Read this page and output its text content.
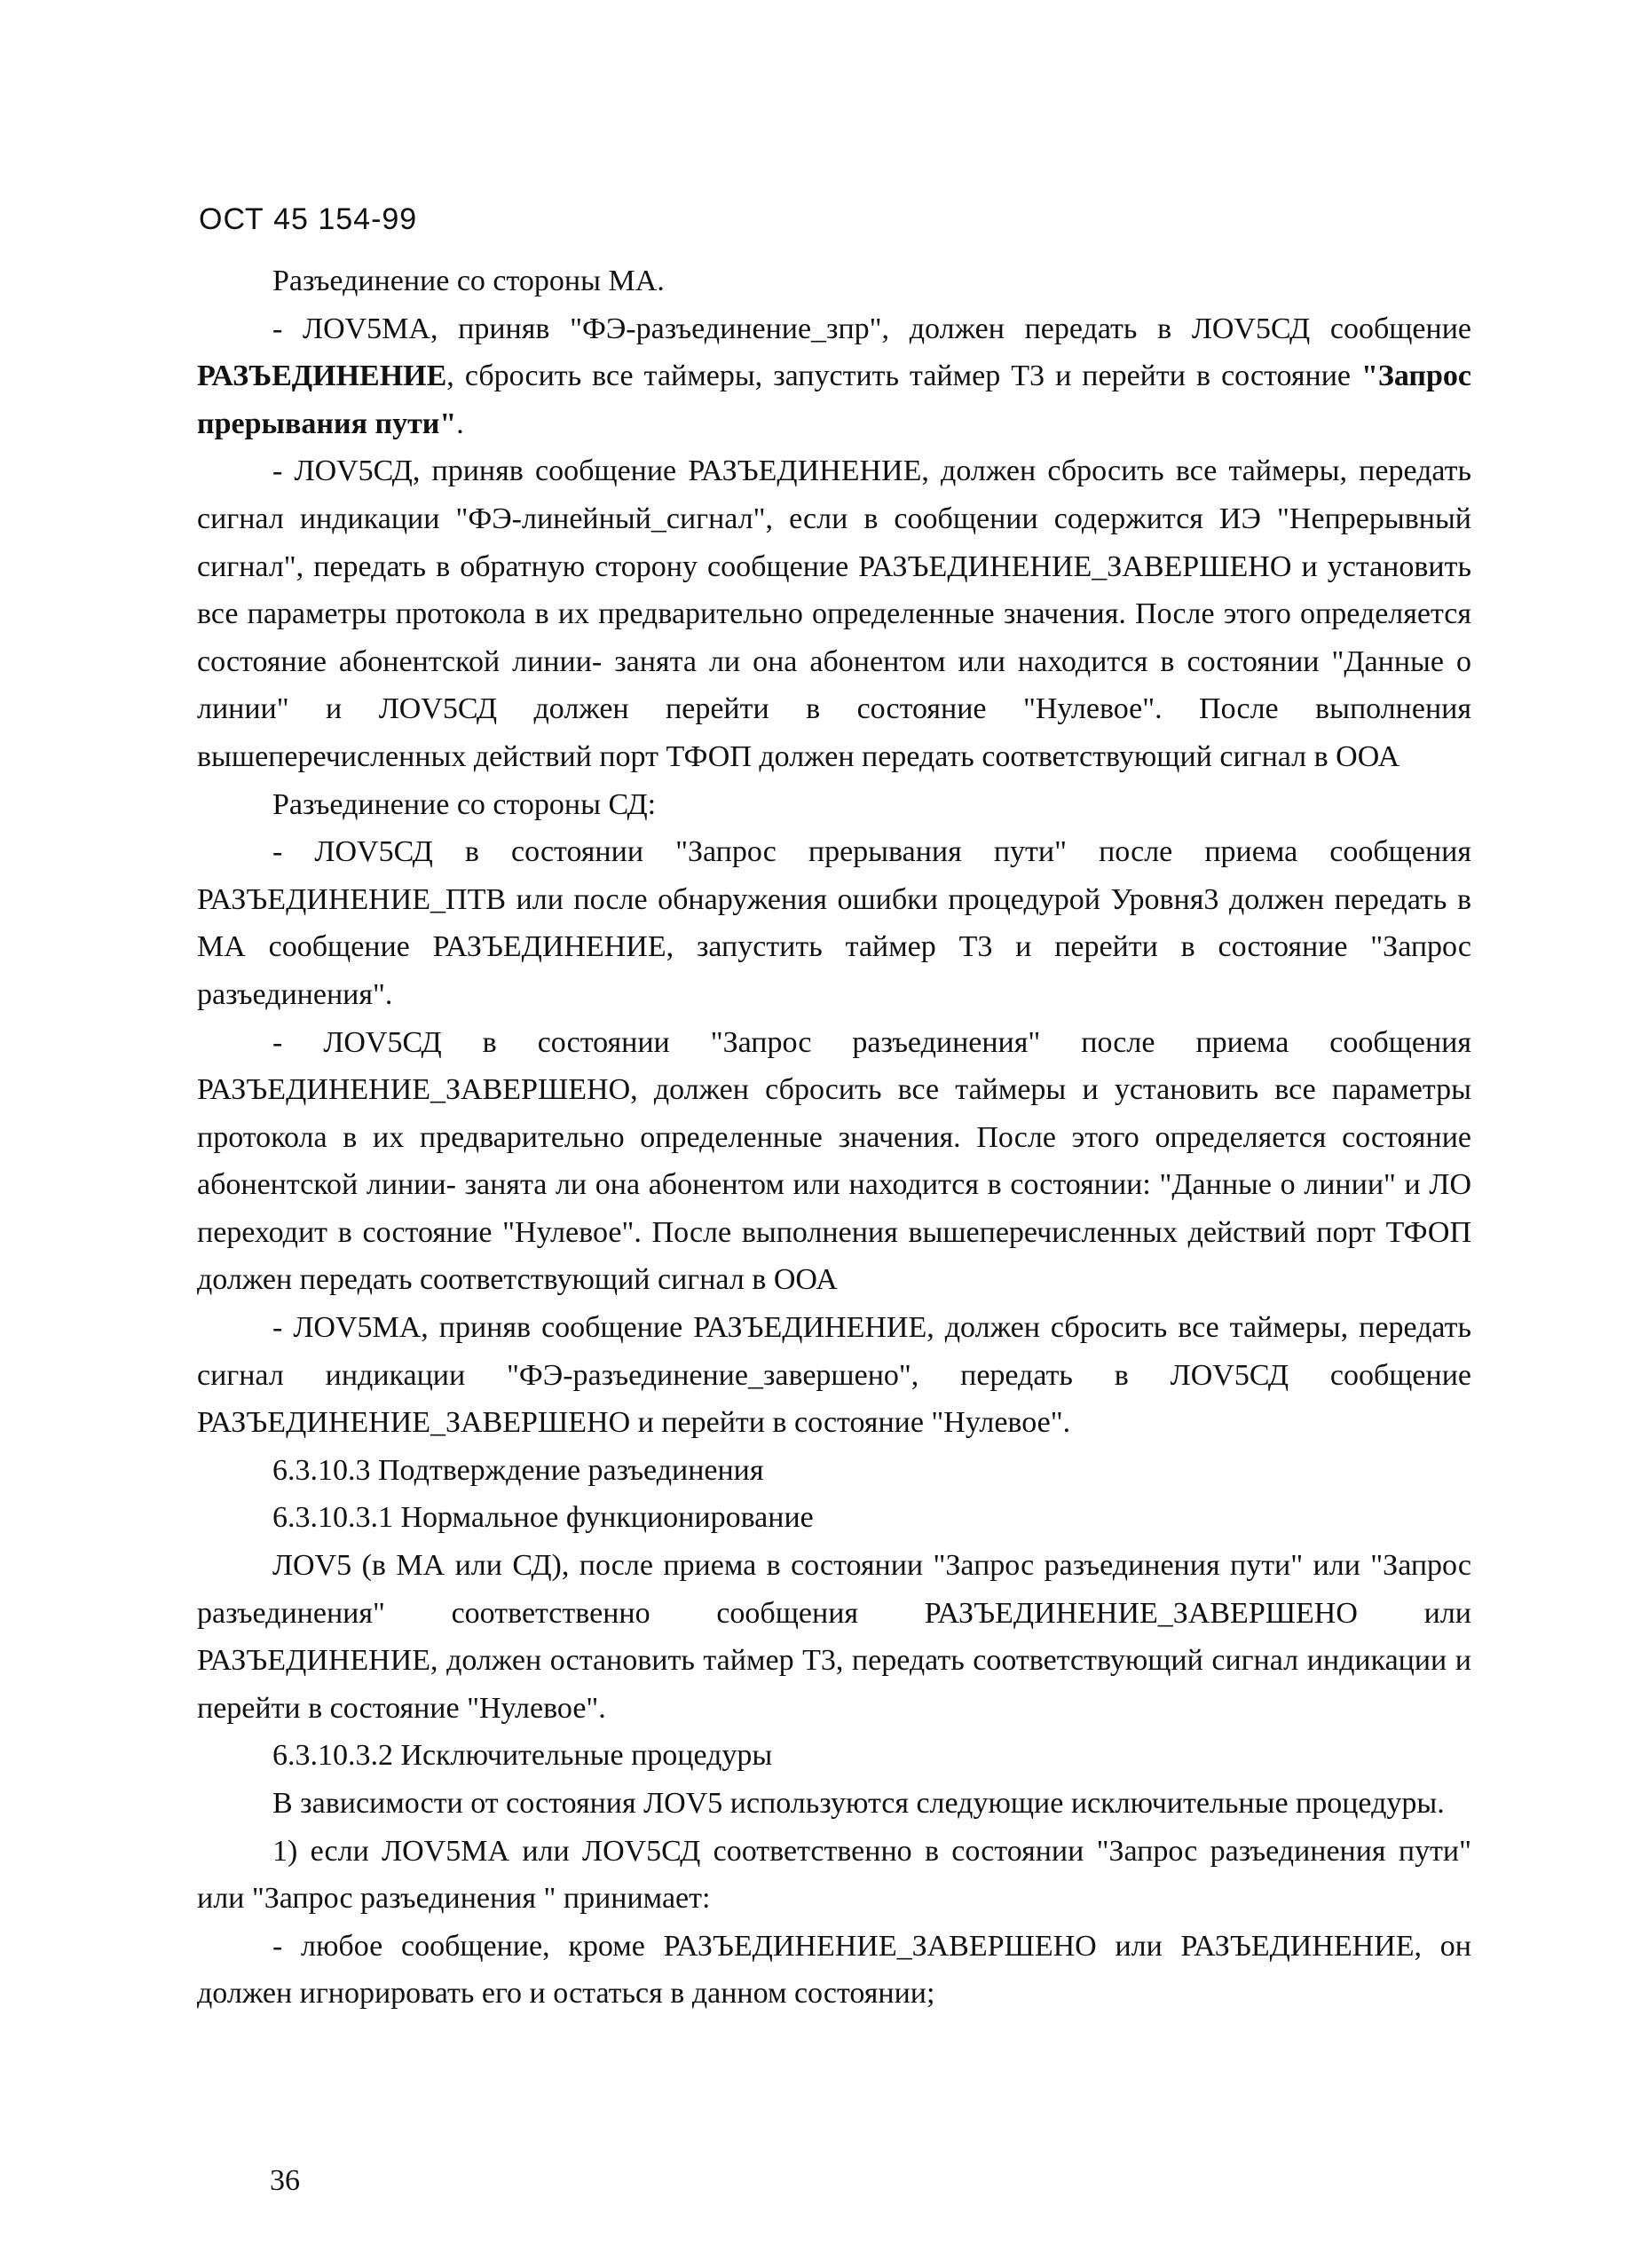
ОСТ 45 154-99

Разъединение со стороны МА.

- ЛОV5МА, приняв "ФЭ-разъединение_зпр", должен передать в ЛОV5СД сообщение РАЗЪЕДИНЕНИЕ, сбросить все таймеры, запустить таймер Т3 и перейти в состояние "Запрос прерывания пути".

- ЛОV5СД, приняв сообщение РАЗЪЕДИНЕНИЕ, должен сбросить все таймеры, передать сигнал индикации "ФЭ-линейный_сигнал", если в сообщении содержится ИЭ "Непрерывный сигнал", передать в обратную сторону сообщение РАЗЪЕДИНЕНИЕ_ЗАВЕРШЕНО и установить все параметры протокола в их предварительно определенные значения. После этого определяется состояние абонентской линии- занята ли она абонентом или находится в состоянии "Данные о линии" и ЛОV5СД должен перейти в состояние "Нулевое". После выполнения вышеперечисленных действий порт ТФОП должен передать соответствующий сигнал в ООА

Разъединение со стороны СД:

- ЛОV5СД в состоянии "Запрос прерывания пути" после приема сообщения РАЗЪЕДИНЕНИЕ_ПТВ или после обнаружения ошибки процедурой Уровня3 должен передать в МА сообщение РАЗЪЕДИНЕНИЕ, запустить таймер Т3 и перейти в состояние "Запрос разъединения".

- ЛОV5СД в состоянии "Запрос разъединения" после приема сообщения РАЗЪЕДИНЕНИЕ_ЗАВЕРШЕНО, должен сбросить все таймеры и установить все параметры протокола в их предварительно определенные значения. После этого определяется состояние абонентской линии- занята ли она абонентом или находится в состоянии: "Данные о линии" и ЛО переходит в состояние "Нулевое". После выполнения вышеперечисленных действий порт ТФОП должен передать соответствующий сигнал в ООА

- ЛОV5МА, приняв сообщение РАЗЪЕДИНЕНИЕ, должен сбросить все таймеры, передать сигнал индикации "ФЭ-разъединение_завершено", передать в ЛОV5СД сообщение РАЗЪЕДИНЕНИЕ_ЗАВЕРШЕНО и перейти в состояние "Нулевое".

6.3.10.3 Подтверждение разъединения

6.3.10.3.1 Нормальное функционирование

ЛОV5 (в МА или СД), после приема в состоянии "Запрос разъединения пути" или "Запрос разъединения" соответственно сообщения РАЗЪЕДИНЕНИЕ_ЗАВЕРШЕНО или РАЗЪЕДИНЕНИЕ, должен остановить таймер Т3, передать соответствующий сигнал индикации и перейти в состояние "Нулевое".

6.3.10.3.2 Исключительные процедуры

В зависимости от состояния ЛОV5 используются следующие исключительные процедуры.

1) если ЛОV5МА или ЛОV5СД соответственно в состоянии "Запрос разъединения пути" или "Запрос разъединения " принимает:

- любое сообщение, кроме РАЗЪЕДИНЕНИЕ_ЗАВЕРШЕНО или РАЗЪЕДИНЕНИЕ, он должен игнорировать его и остаться в данном состоянии;

36
